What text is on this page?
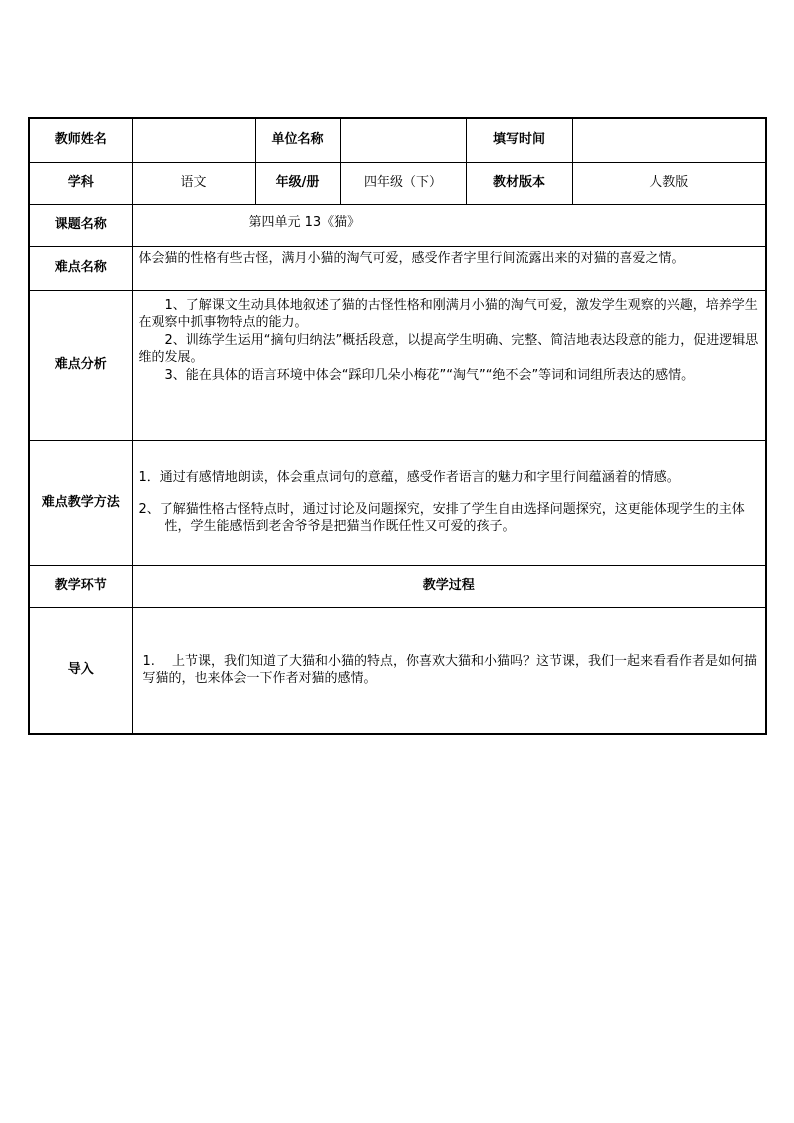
教师姓名		单位名称		填写时间	
学科	语文	年级/册	四年级（下）	教材版本	人教版
课题名称	第四单元 13《猫》				
难点名称	体会猫的性格有些古怪，满月小猫的淘气可爱，感受作者字里行间流露出来的对猫的喜爱之情。				
难点分析	1、了解课文生动具体地叙述了猫的古怪性格和刚满月小猫的淘气可爱，激发学生观察的兴趣，培养学生在观察中抓事物特点的能力。

2、训练学生运用“摘句归纳法”概括段意，以提高学生明确、完整、简洁地表达段意的能力，促进逻辑思维的发展。

3、能在具体的语言环境中体会“踩印几朵小梅花”“淘气”“绝不会”等词和词组所表达的感情。				

难点教学方法	1．通过有感情地朗读，体会重点词句的意蕴，感受作者语言的魅力和字里行间蕴涵着的情感。

2、了解猫性格古怪特点时，通过讨论及问题探究，安排了学生自由选择问题探究，这更能体现学生的主体性，学生能感悟到老舍爷爷是把猫当作既任性又可爱的孩子。				

教学环节	教学过程				
导入	1.　 上节课，我们知道了大猫和小猫的特点，你喜欢大猫和小猫吗？这节课，我们一起来看看作者是如何描写猫的，也来体会一下作者对猫的感情。				
